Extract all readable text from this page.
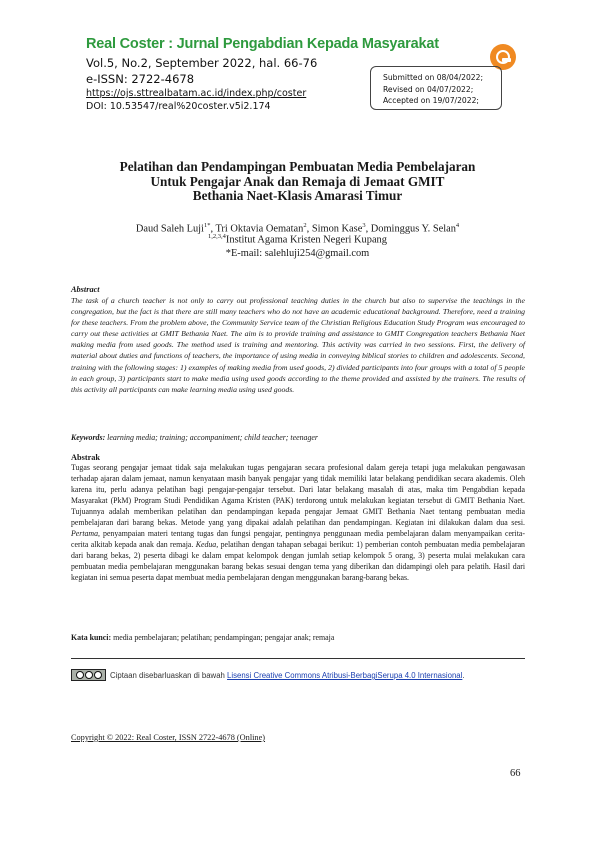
Real Coster : Jurnal Pengabdian Kepada Masyarakat
Vol.5, No.2, September 2022, hal. 66-76
e-ISSN: 2722-4678
https://ojs.sttrealbatam.ac.id/index.php/coster
DOI: 10.53547/real%20coster.v5i2.174
Submitted on 08/04/2022;
Revised on 04/07/2022;
Accepted on 19/07/2022;
Pelatihan dan Pendampingan Pembuatan Media Pembelajaran
Untuk Pengajar Anak dan Remaja di Jemaat GMIT
Bethania Naet-Klasis Amarasi Timur
Daud Saleh Luji$^{1*}$, Tri Oktavia Oematan$^2$, Simon Kase$^3$, Dominggus Y. Selan$^4$
$^{1,2,3,4}$Institut Agama Kristen Negeri Kupang
*E-mail: salehluji254@gmail.com
Abstract
The task of a church teacher is not only to carry out professional teaching duties in the church but also to supervise the teachings in the congregation, but the fact is that there are still many teachers who do not have an academic educational background. Therefore, need a training for these teachers. From the problem above, the Community Service team of the Christian Religious Education Study Program was encouraged to carry out these activities at GMIT Bethania Naet. The aim is to provide training and assistance to GMIT Congregation teachers Bethania Naet making media from used goods. The method used is training and mentoring. This activity was carried in two sessions. First, the delivery of material about duties and functions of teachers, the importance of using media in conveying biblical stories to children and adolescents. Second, training with the following stages: 1) examples of making media from used goods, 2) divided participants into four groups with a total of 5 people in each group, 3) participants start to make media using used goods according to the theme provided and assisted by the trainers. The results of this activity all participants can make learning media using used goods.
Keywords: learning media; training; accompaniment; child teacher; teenager
Abstrak
Tugas seorang pengajar jemaat tidak saja melakukan tugas pengajaran secara profesional dalam gereja tetapi juga melakukan pengawasan terhadap ajaran dalam jemaat, namun kenyataan masih banyak pengajar yang tidak memiliki latar belakang pendidikan secara akademis. Oleh karena itu, perlu adanya pelatihan bagi pengajar-pengajar tersebut. Dari latar belakang masalah di atas, maka tim Pengabdian kepada Masyarakat (PkM) Program Studi Pendidikan Agama Kristen (PAK) terdorong untuk melakukan kegiatan tersebut di GMIT Bethania Naet. Tujuannya adalah memberikan pelatihan dan pendampingan kepada pengajar Jemaat GMIT Bethania Naet tentang pembuatan media pembelajaran dari barang bekas. Metode yang yang dipakai adalah pelatihan dan pendampingan. Kegiatan ini dilakukan dalam dua sesi. Pertama, penyampaian materi tentang tugas dan fungsi pengajar, pentingnya penggunaan media pembelajaran dalam menyampaikan cerita-cerita alkitab kepada anak dan remaja. Kedua, pelatihan dengan tahapan sebagai berikut: 1) pemberian contoh pembuatan media pembelajaran dari barang bekas, 2) peserta dibagi ke dalam empat kelompok dengan jumlah setiap kelompok 5 orang, 3) peserta mulai melakukan cara pembuatan media pembelajaran menggunakan barang bekas sesuai dengan tema yang diberikan dan didampingi oleh para pelatih. Hasil dari kegiatan ini semua peserta dapat membuat media pembelajaran dengan menggunakan barang-barang bekas.
Kata kunci: media pembelajaran; pelatihan; pendampingan; pengajar anak; remaja
Ciptaan disebarluaskan di bawah Lisensi Creative Commons Atribusi-BerbagiSerupa 4.0 Internasional.
Copyright © 2022: Real Coster, ISSN 2722-4678 (Online)
66
